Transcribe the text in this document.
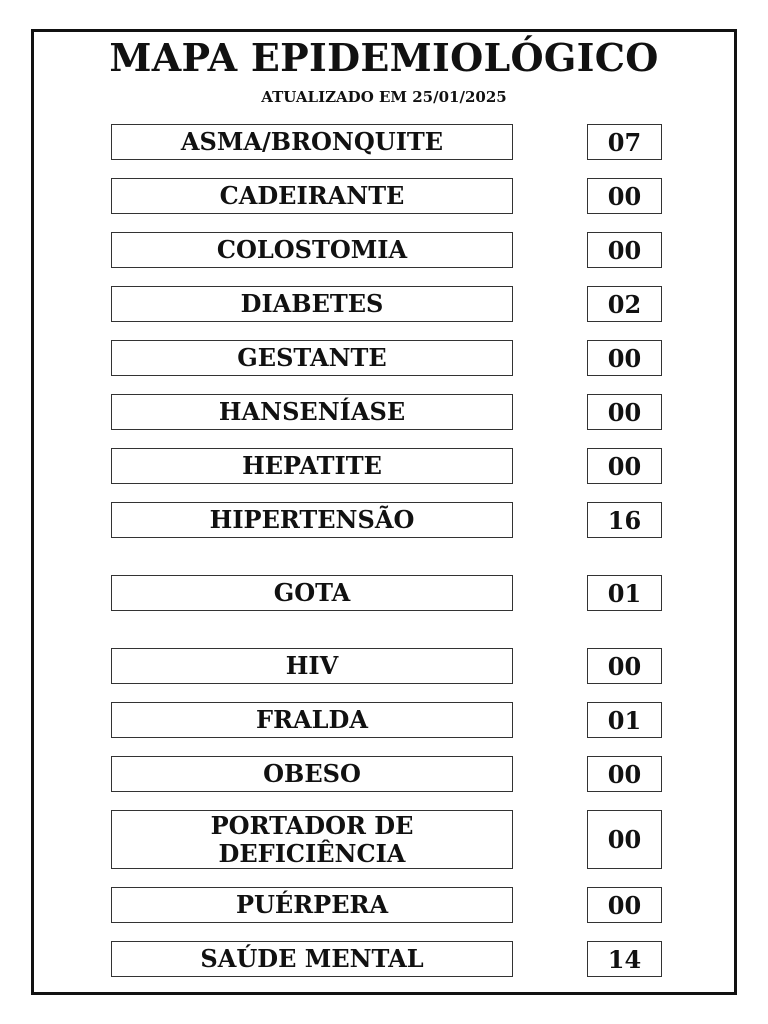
MAPA EPIDEMIOLÓGICO
ATUALIZADO EM 25/01/2025
ASMA/BRONQUITE	07
CADEIRANTE	00
COLOSTOMIA	00
DIABETES	02
GESTANTE	00
HANSENÍASE	00
HEPATITE	00
HIPERTENSÃO	16
GOTA	01
HIV	00
FRALDA	01
OBESO	00
PORTADOR DE DEFICIÊNCIA	00
PUÉRPERA	00
SAÚDE MENTAL	14
